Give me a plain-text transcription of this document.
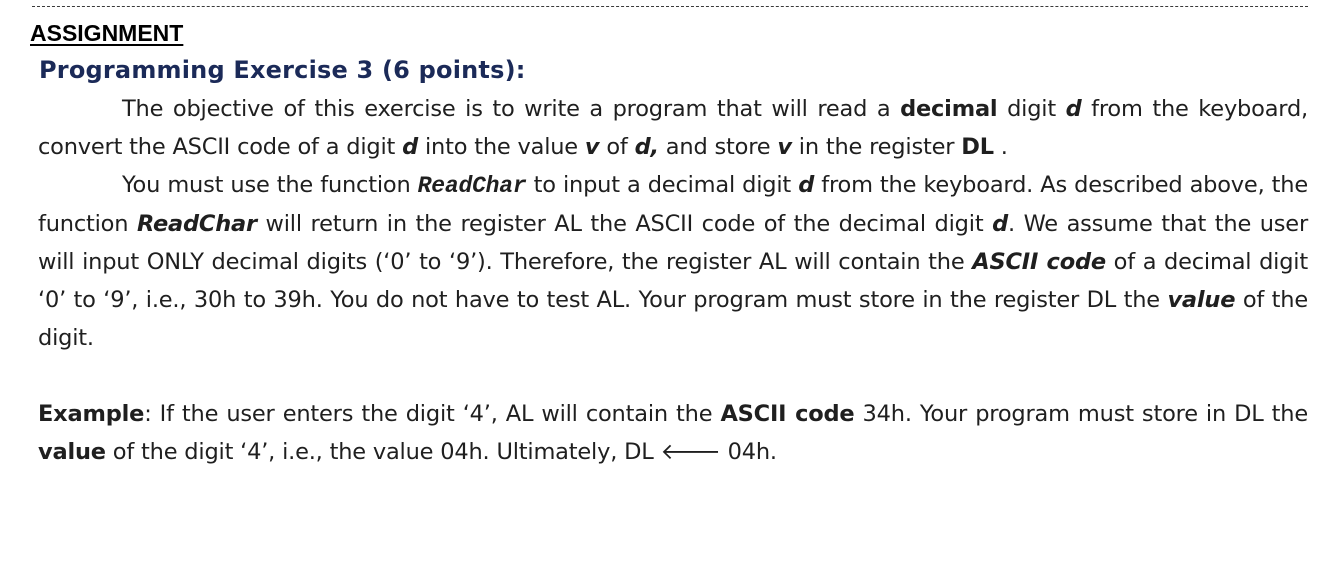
ASSIGNMENT
Programming Exercise 3 (6 points):

The objective of this exercise is to write a program that will read a decimal digit d from the keyboard, convert the ASCII code of a digit d into the value v of d, and store v in the register DL .

You must use the function ReadChar to input a decimal digit d from the keyboard. As described above, the function ReadChar will return in the register AL the ASCII code of the decimal digit d. We assume that the user will input ONLY decimal digits (‘0’ to ‘9’). Therefore, the register AL will contain the ASCII code of a decimal digit ‘0’ to ‘9’, i.e., 30h to 39h. You do not have to test AL. Your program must store in the register DL the value of the digit.

Example: If the user enters the digit ‘4’, AL will contain the ASCII code 34h. Your program must store in DL the value of the digit ‘4’, i.e., the value 04h. Ultimately, DL 🡐 04h.
